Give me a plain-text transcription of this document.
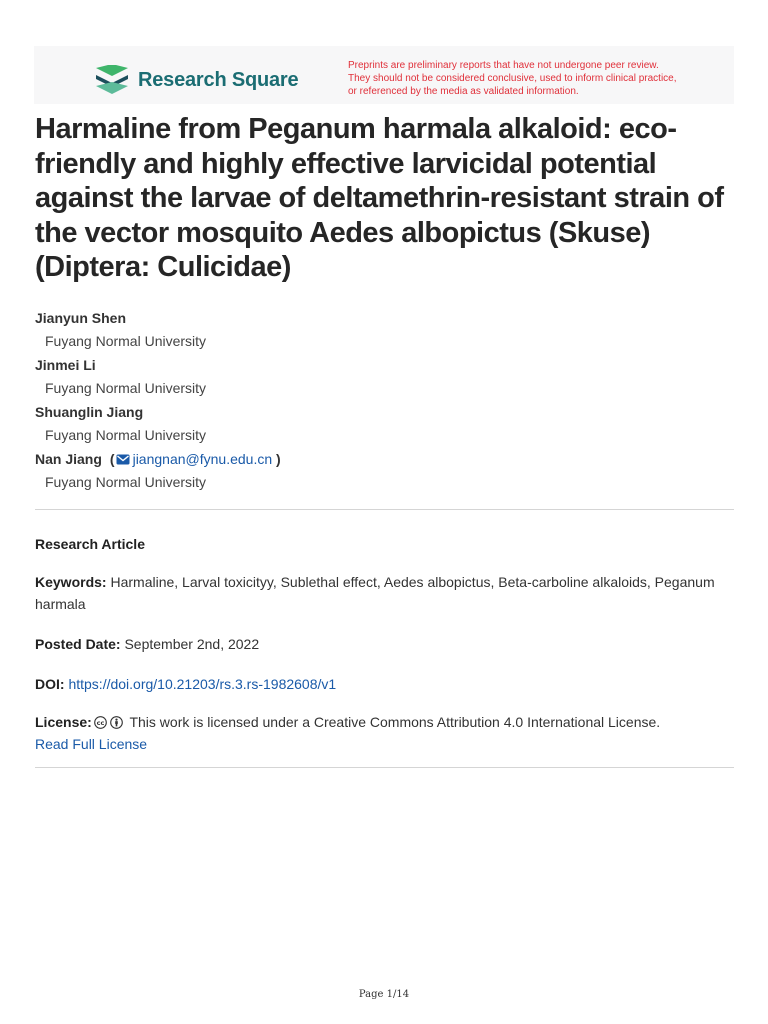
Research Square
Preprints are preliminary reports that have not undergone peer review.
They should not be considered conclusive, used to inform clinical practice,
or referenced by the media as validated information.
Harmaline from Peganum harmala alkaloid: eco-friendly and highly effective larvicidal potential against the larvae of deltamethrin-resistant strain of the vector mosquito Aedes albopictus (Skuse) (Diptera: Culicidae)
Jianyun Shen
Fuyang Normal University
Jinmei Li
Fuyang Normal University
Shuanglin Jiang
Fuyang Normal University
Nan Jiang ( jiangnan@fynu.edu.cn )
Fuyang Normal University
Research Article
Keywords: Harmaline, Larval toxicityy, Sublethal effect, Aedes albopictus, Beta-carboline alkaloids, Peganum harmala
Posted Date: September 2nd, 2022
DOI: https://doi.org/10.21203/rs.3.rs-1982608/v1
License: cc This work is licensed under a Creative Commons Attribution 4.0 International License.
Read Full License
Page 1/14
